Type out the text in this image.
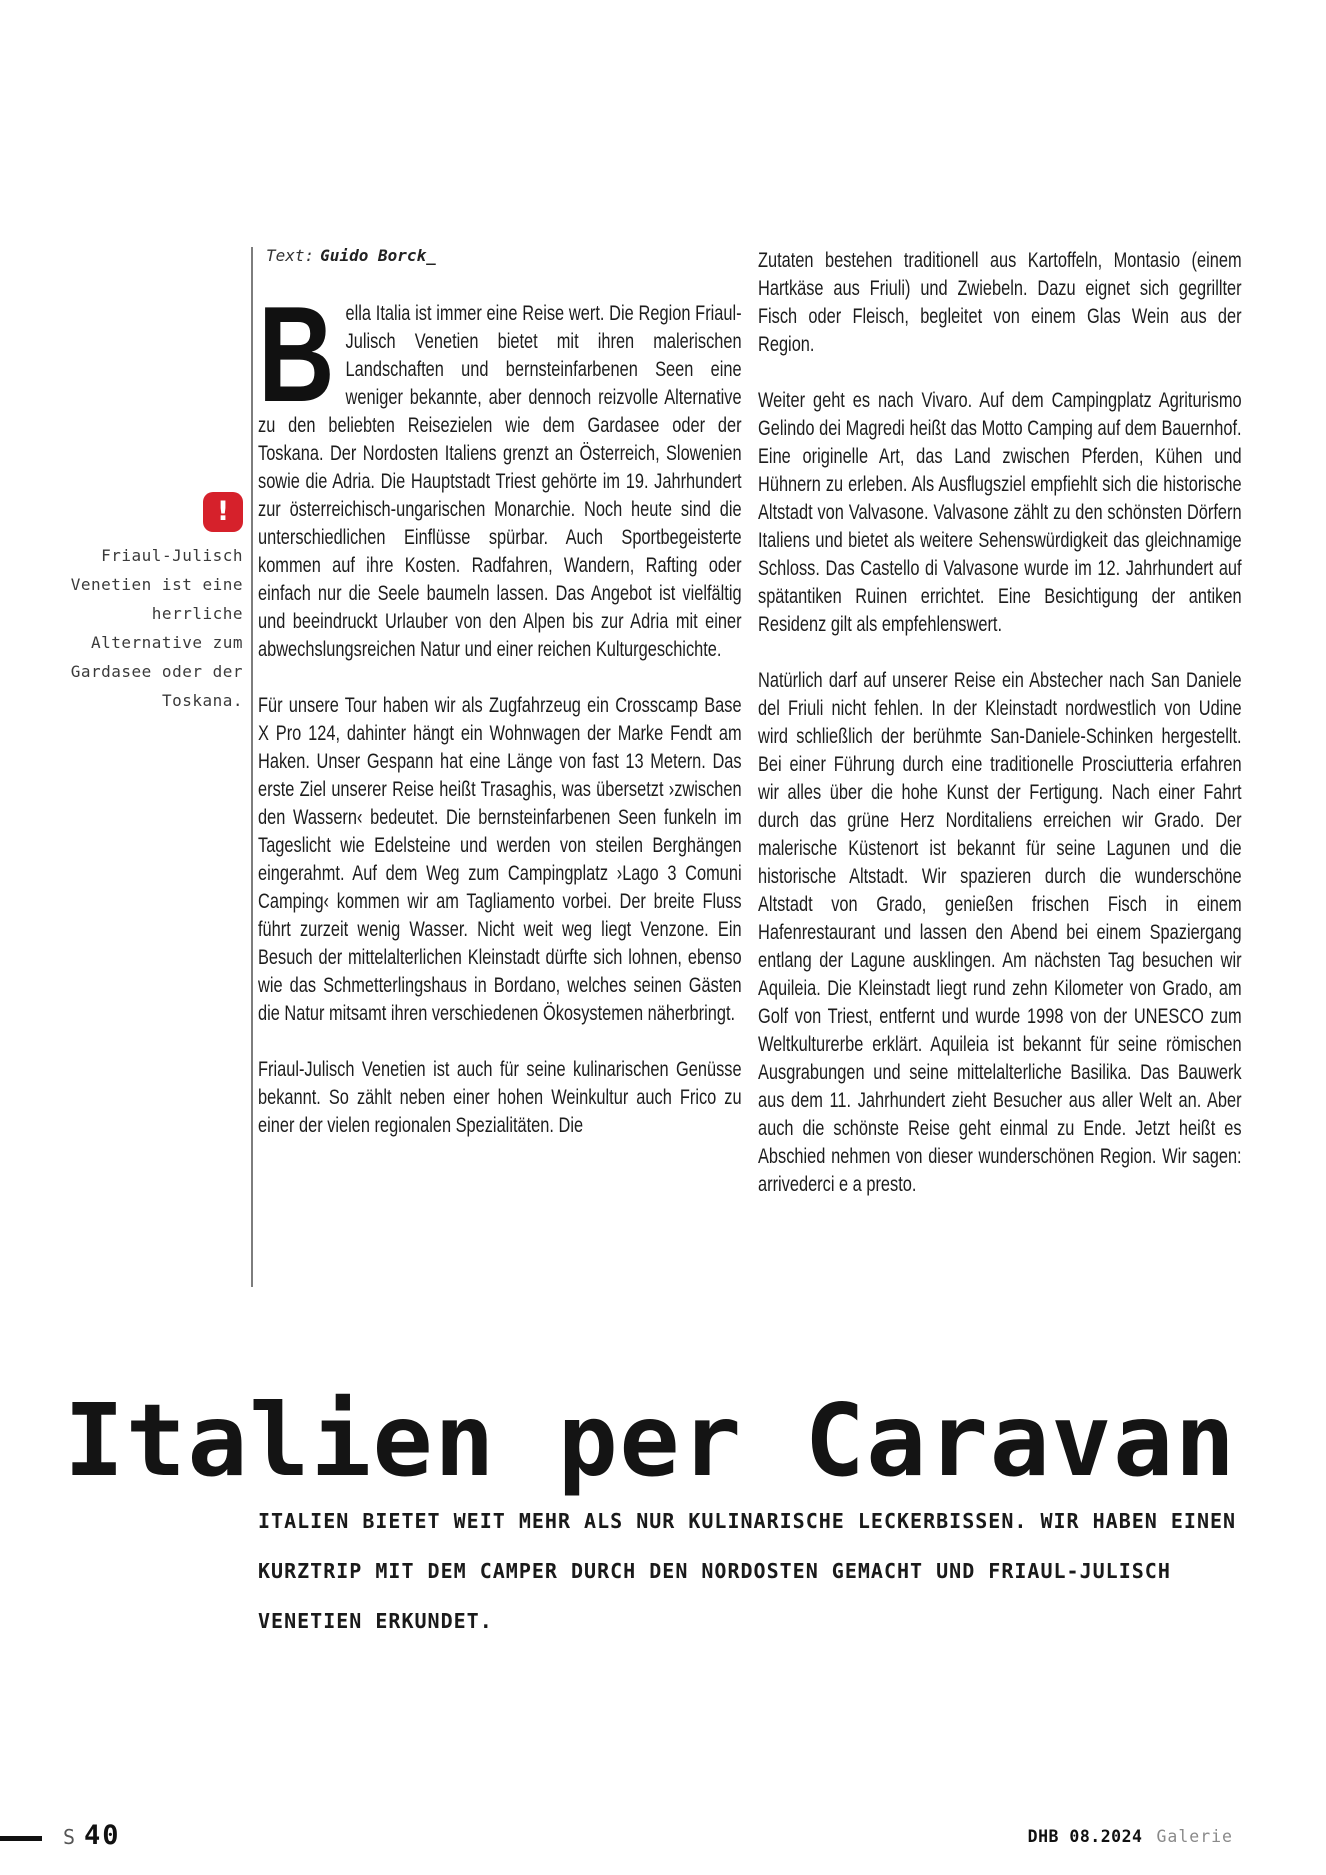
Text: Guido Borck_
!
Friaul-Julisch Venetien ist eine herrliche Alternative zum Gardasee oder der Toskana.

Bella Italia ist immer eine Reise wert. Die Region Friaul-Julisch Venetien bietet mit ihren malerischen Landschaften und bernsteinfarbenen Seen eine weniger bekannte, aber dennoch reizvolle Alternative zu den beliebten Reisezielen wie dem Gardasee oder der Toskana. Der Nordosten Italiens grenzt an Österreich, Slowenien sowie die Adria. Die Hauptstadt Triest gehörte im 19. Jahrhundert zur österreichisch-ungarischen Monarchie. Noch heute sind die unterschiedlichen Einflüsse spürbar. Auch Sportbegeisterte kommen auf ihre Kosten. Radfahren, Wandern, Rafting oder einfach nur die Seele baumeln lassen. Das Angebot ist vielfältig und beeindruckt Urlauber von den Alpen bis zur Adria mit einer abwechslungsreichen Natur und einer reichen Kulturgeschichte.

Für unsere Tour haben wir als Zugfahrzeug ein Crosscamp Base X Pro 124, dahinter hängt ein Wohnwagen der Marke Fendt am Haken. Unser Gespann hat eine Länge von fast 13 Metern. Das erste Ziel unserer Reise heißt Trasaghis, was übersetzt ›zwischen den Wassern‹ bedeutet. Die bernsteinfarbenen Seen funkeln im Tageslicht wie Edelsteine und werden von steilen Berghängen eingerahmt. Auf dem Weg zum Campingplatz ›Lago 3 Comuni Camping‹ kommen wir am Tagliamento vorbei. Der breite Fluss führt zurzeit wenig Wasser. Nicht weit weg liegt Venzone. Ein Besuch der mittelalterlichen Kleinstadt dürfte sich lohnen, ebenso wie das Schmetterlingshaus in Bordano, welches seinen Gästen die Natur mitsamt ihren verschiedenen Ökosystemen näherbringt.

Friaul-Julisch Venetien ist auch für seine kulinarischen Genüsse bekannt. So zählt neben einer hohen Weinkultur auch Frico zu einer der vielen regionalen Spezialitäten. Die

Zutaten bestehen traditionell aus Kartoffeln, Montasio (einem Hartkäse aus Friuli) und Zwiebeln. Dazu eignet sich gegrillter Fisch oder Fleisch, begleitet von einem Glas Wein aus der Region.

Weiter geht es nach Vivaro. Auf dem Campingplatz Agriturismo Gelindo dei Magredi heißt das Motto Camping auf dem Bauernhof. Eine originelle Art, das Land zwischen Pferden, Kühen und Hühnern zu erleben. Als Ausflugsziel empfiehlt sich die historische Altstadt von Valvasone. Valvasone zählt zu den schönsten Dörfern Italiens und bietet als weitere Sehenswürdigkeit das gleichnamige Schloss. Das Castello di Valvasone wurde im 12. Jahrhundert auf spätantiken Ruinen errichtet. Eine Besichtigung der antiken Residenz gilt als empfehlenswert.

Natürlich darf auf unserer Reise ein Abstecher nach San Daniele del Friuli nicht fehlen. In der Kleinstadt nordwestlich von Udine wird schließlich der berühmte San-Daniele-Schinken hergestellt. Bei einer Führung durch eine traditionelle Prosciutteria erfahren wir alles über die hohe Kunst der Fertigung. Nach einer Fahrt durch das grüne Herz Norditaliens erreichen wir Grado. Der malerische Küstenort ist bekannt für seine Lagunen und die historische Altstadt. Wir spazieren durch die wunderschöne Altstadt von Grado, genießen frischen Fisch in einem Hafenrestaurant und lassen den Abend bei einem Spaziergang entlang der Lagune ausklingen. Am nächsten Tag besuchen wir Aquileia. Die Kleinstadt liegt rund zehn Kilometer von Grado, am Golf von Triest, entfernt und wurde 1998 von der UNESCO zum Weltkulturerbe erklärt. Aquileia ist bekannt für seine römischen Ausgrabungen und seine mittelalterliche Basilika. Das Bauwerk aus dem 11. Jahrhundert zieht Besucher aus aller Welt an. Aber auch die schönste Reise geht einmal zu Ende. Jetzt heißt es Abschied nehmen von dieser wunderschönen Region. Wir sagen: arrivederci e a presto.

Italien per Caravan

ITALIEN BIETET WEIT MEHR ALS NUR KULINARISCHE LECKERBISSEN. WIR HABEN EINEN KURZTRIP MIT DEM CAMPER DURCH DEN NORDOSTEN GEMACHT UND FRIAUL-JULISCH VENETIEN ERKUNDET.

S 40	DHB 08.2024 Galerie
